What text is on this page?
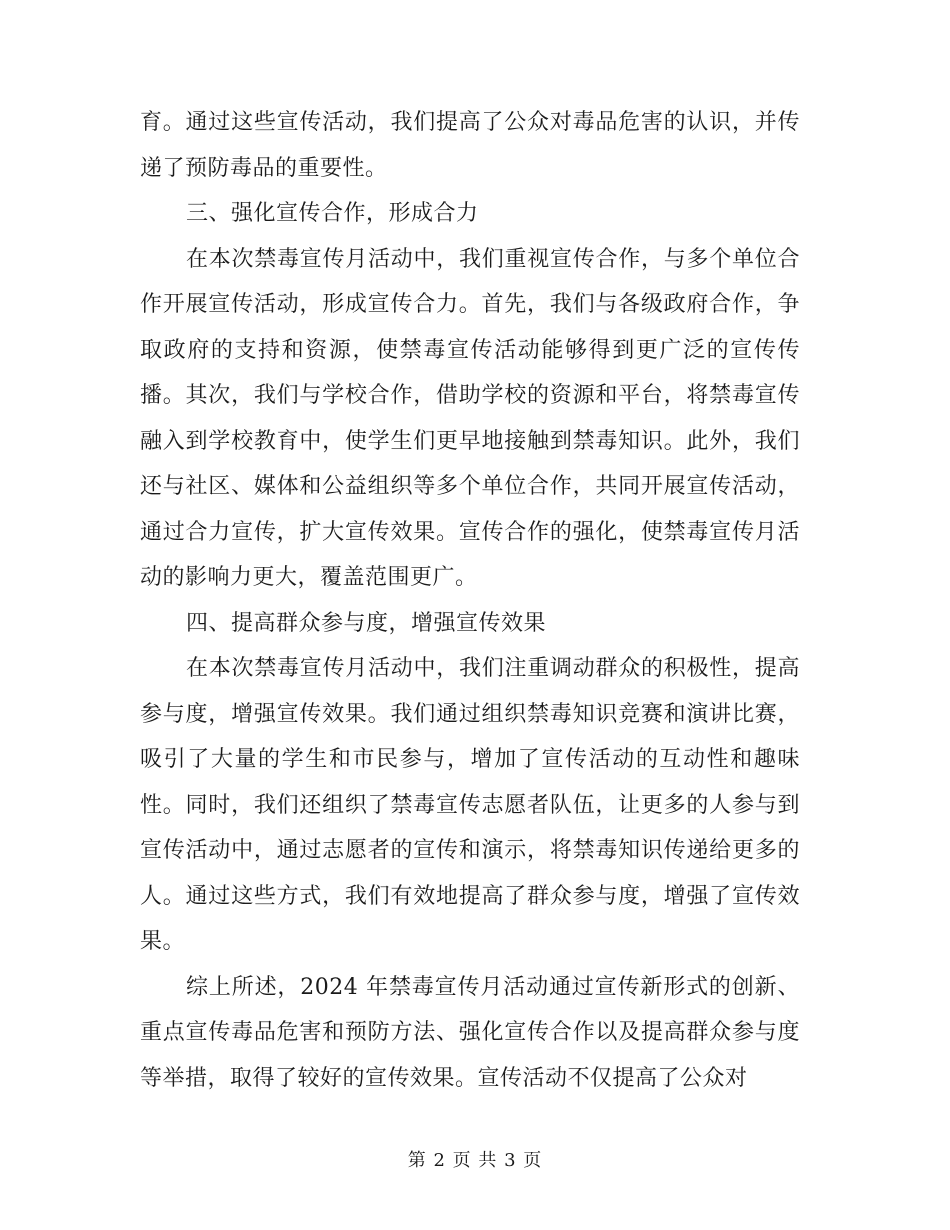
育。通过这些宣传活动，我们提高了公众对毒品危害的认识，并传递了预防毒品的重要性。

三、强化宣传合作，形成合力

在本次禁毒宣传月活动中，我们重视宣传合作，与多个单位合作开展宣传活动，形成宣传合力。首先，我们与各级政府合作，争取政府的支持和资源，使禁毒宣传活动能够得到更广泛的宣传传播。其次，我们与学校合作，借助学校的资源和平台，将禁毒宣传融入到学校教育中，使学生们更早地接触到禁毒知识。此外，我们还与社区、媒体和公益组织等多个单位合作，共同开展宣传活动，通过合力宣传，扩大宣传效果。宣传合作的强化，使禁毒宣传月活动的影响力更大，覆盖范围更广。

四、提高群众参与度，增强宣传效果

在本次禁毒宣传月活动中，我们注重调动群众的积极性，提高参与度，增强宣传效果。我们通过组织禁毒知识竞赛和演讲比赛，吸引了大量的学生和市民参与，增加了宣传活动的互动性和趣味性。同时，我们还组织了禁毒宣传志愿者队伍，让更多的人参与到宣传活动中，通过志愿者的宣传和演示，将禁毒知识传递给更多的人。通过这些方式，我们有效地提高了群众参与度，增强了宣传效果。

综上所述，2024 年禁毒宣传月活动通过宣传新形式的创新、重点宣传毒品危害和预防方法、强化宣传合作以及提高群众参与度等举措，取得了较好的宣传效果。宣传活动不仅提高了公众对

第 2 页 共 3 页
